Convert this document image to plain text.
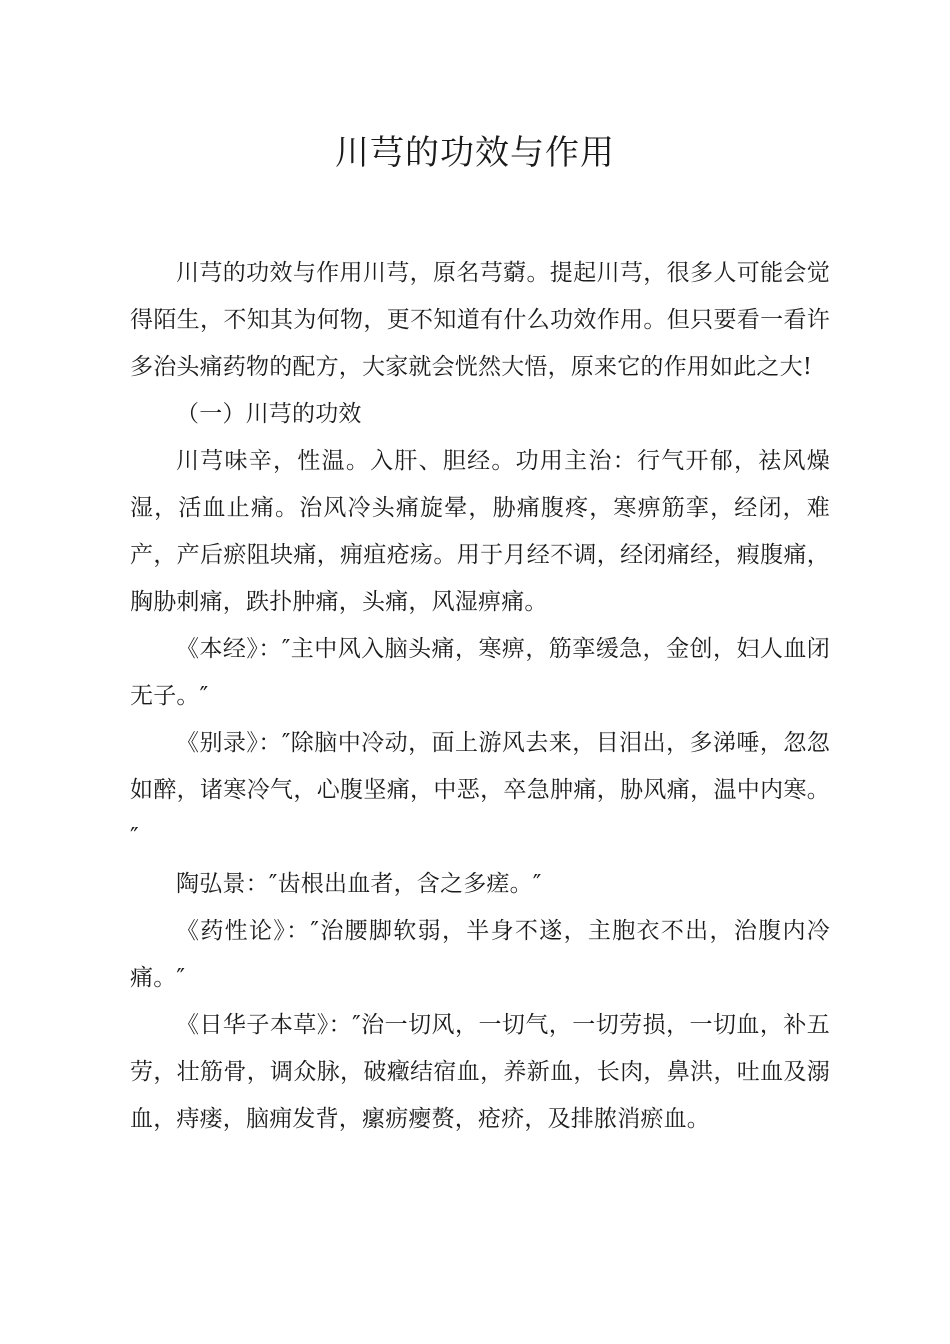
川芎的功效与作用

川芎的功效与作用川芎，原名芎藭。提起川芎，很多人可能会觉得陌生，不知其为何物，更不知道有什么功效作用。但只要看一看许多治头痛药物的配方，大家就会恍然大悟，原来它的作用如此之大!

（一）川芎的功效

川芎味辛，性温。入肝、胆经。功用主治：行气开郁，祛风燥湿，活血止痛。治风冷头痛旋晕，胁痛腹疼，寒痹筋挛，经闭，难产，产后瘀阻块痛，痈疽疮疡。用于月经不调，经闭痛经，瘕腹痛，胸胁刺痛，跌扑肿痛，头痛，风湿痹痛。

《本经》：″主中风入脑头痛，寒痹，筋挛缓急，金创，妇人血闭无子。″

《别录》：″除脑中冷动，面上游风去来，目泪出，多涕唾，忽忽如醉，诸寒冷气，心腹坚痛，中恶，卒急肿痛，胁风痛，温中内寒。″

陶弘景：″齿根出血者，含之多瘥。″

《药性论》：″治腰脚软弱，半身不遂，主胞衣不出，治腹内冷痛。″

《日华子本草》：″治一切风，一切气，一切劳损，一切血，补五劳，壮筋骨，调众脉，破癥结宿血，养新血，长肉，鼻洪，吐血及溺血，痔瘘，脑痈发背，瘰疬瘿赘，疮疥，及排脓消瘀血。
